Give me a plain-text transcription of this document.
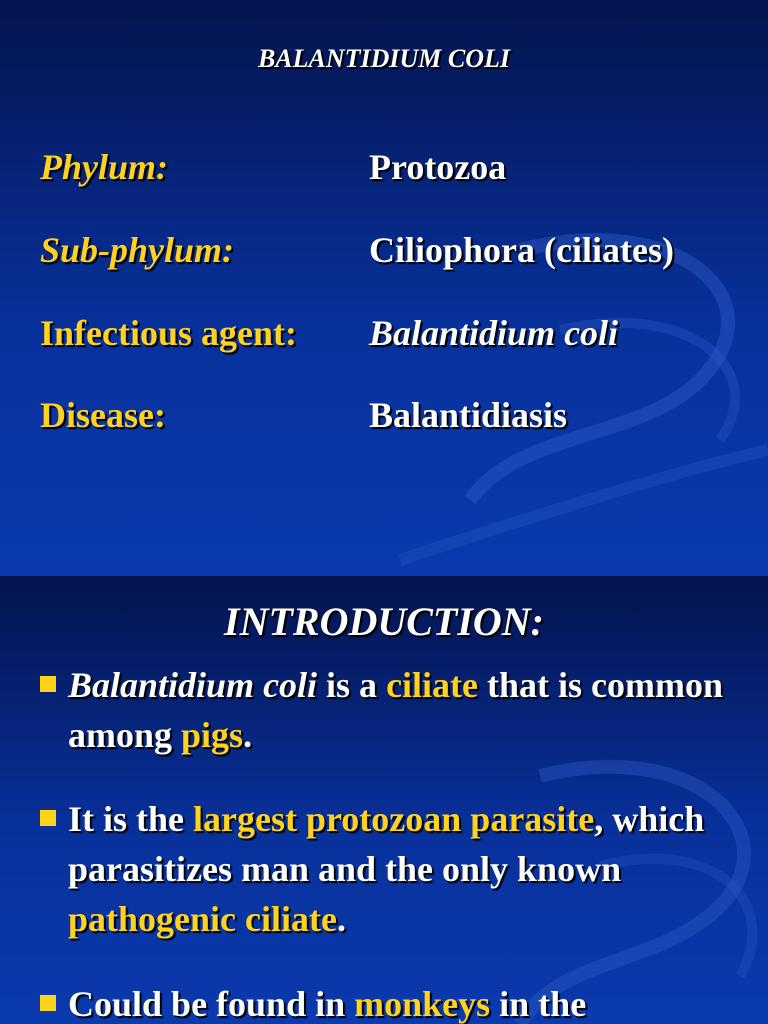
BALANTIDIUM COLI
Phylum:	Protozoa
Sub-phylum:	Ciliophora (ciliates)
Infectious agent: Balantidium coli
Disease:	Balantidiasis
INTRODUCTION:
Balantidium coli is a ciliate that is common among pigs.
It is the largest protozoan parasite, which parasitizes man and the only known pathogenic ciliate.
Could be found in monkeys in the
